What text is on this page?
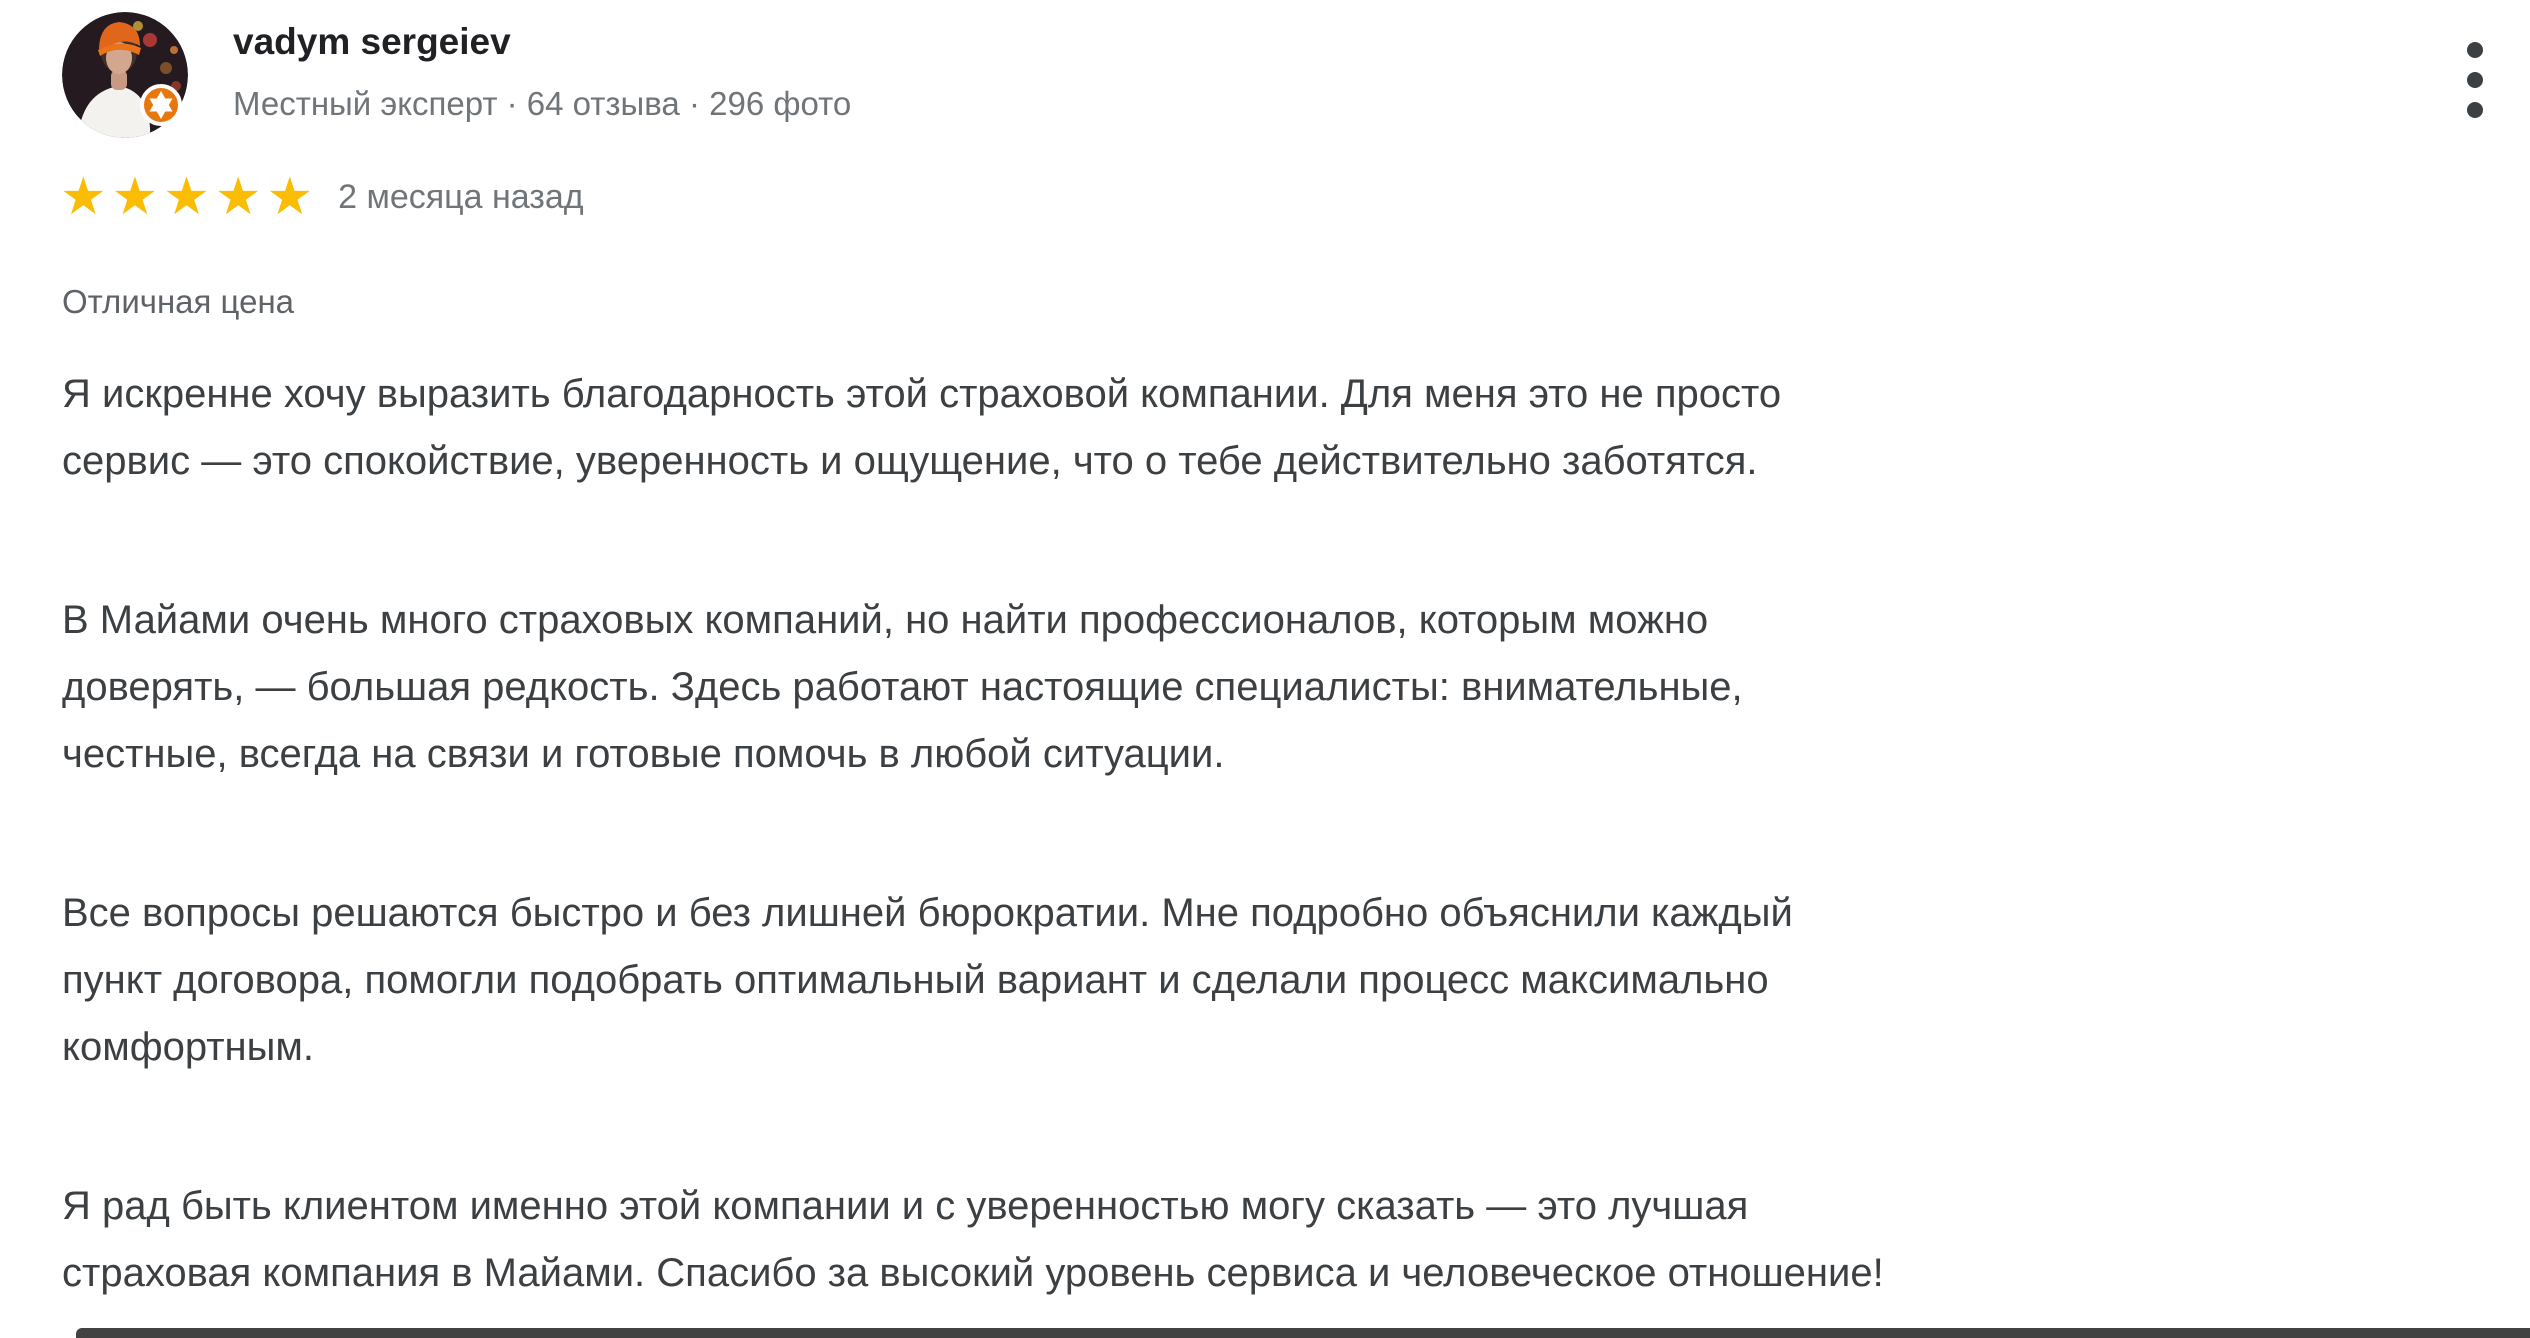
vadym sergeiev
Местный эксперт · 64 отзыва · 296 фото
★★★★★ 2 месяца назад
Отличная цена

Я искренне хочу выразить благодарность этой страховой компании. Для меня это не просто
сервис — это спокойствие, уверенность и ощущение, что о тебе действительно заботятся.

В Майами очень много страховых компаний, но найти профессионалов, которым можно
доверять, — большая редкость. Здесь работают настоящие специалисты: внимательные,
честные, всегда на связи и готовые помочь в любой ситуации.

Все вопросы решаются быстро и без лишней бюрократии. Мне подробно объяснили каждый
пункт договора, помогли подобрать оптимальный вариант и сделали процесс максимально
комфортным.

Я рад быть клиентом именно этой компании и с уверенностью могу сказать — это лучшая
страховая компания в Майами. Спасибо за высокий уровень сервиса и человеческое отношение!
